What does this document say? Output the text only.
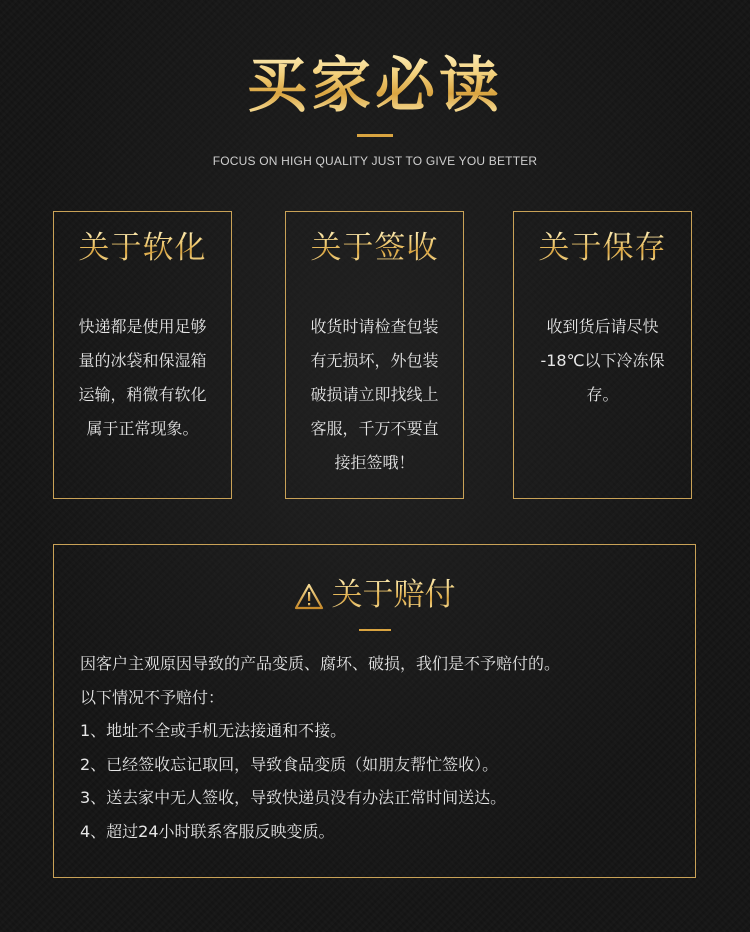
买家必读
FOCUS ON HIGH QUALITY JUST TO GIVE YOU BETTER
关于软化
快递都是使用足够
量的冰袋和保湿箱
运输，稍微有软化
属于正常现象。
关于签收
收货时请检查包装
有无损坏，外包装
破损请立即找线上
客服，千万不要直
接拒签哦！
关于保存
收到货后请尽快
-18℃以下冷冻保
存。
关于赔付
因客户主观原因导致的产品变质、腐坏、破损，我们是不予赔付的。
以下情况不予赔付：
1、地址不全或手机无法接通和不接。
2、已经签收忘记取回，导致食品变质（如朋友帮忙签收）。
3、送去家中无人签收，导致快递员没有办法正常时间送达。
4、超过24小时联系客服反映变质。
